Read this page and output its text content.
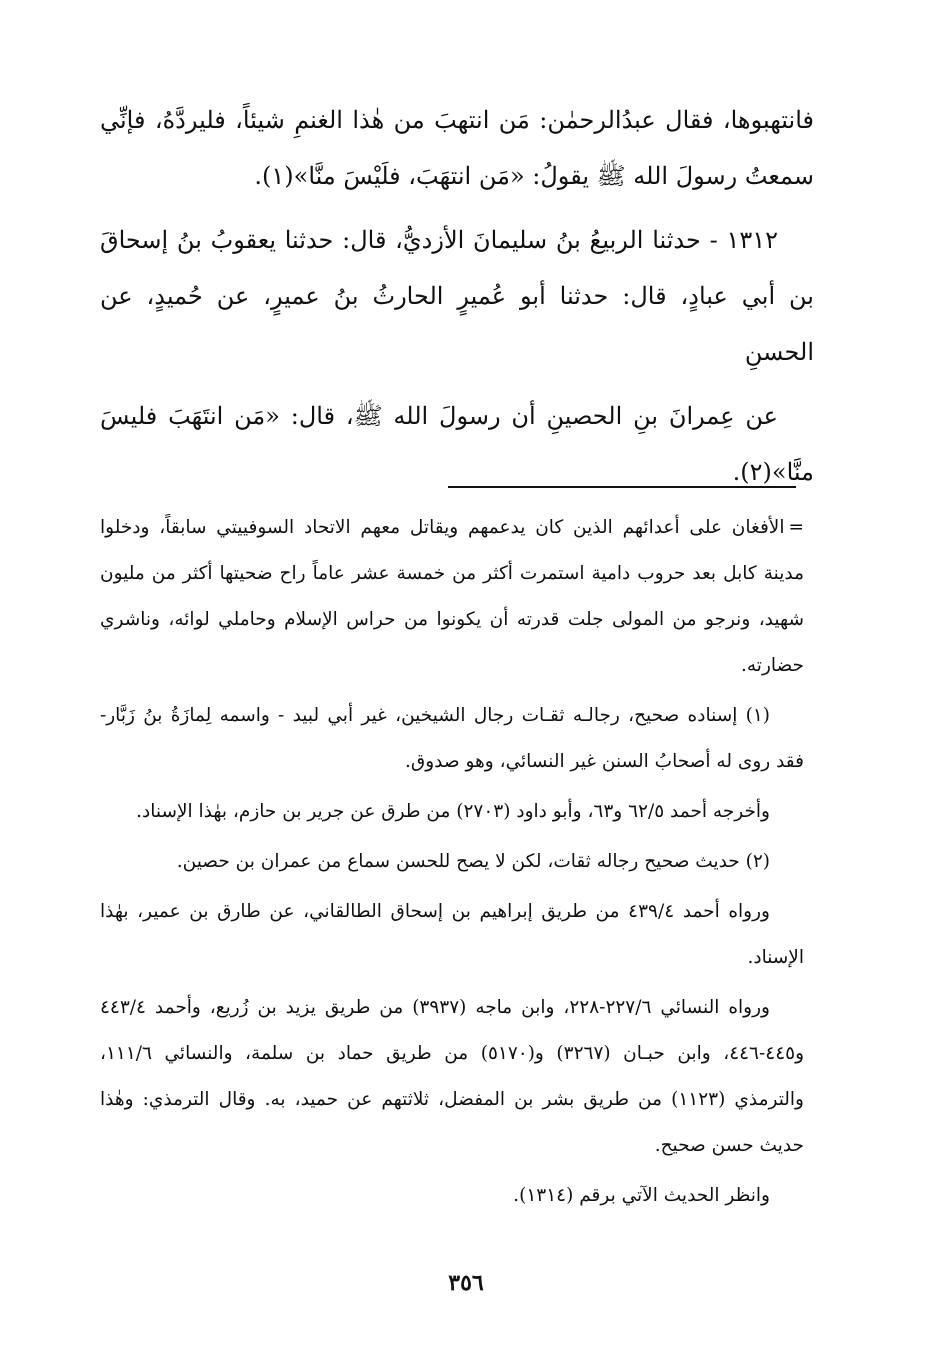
فانتهبوها، فقال عبدُالرحمٰن: مَن انتهبَ من هٰذا الغنمِ شيئاً، فليردَّهُ، فإنِّي سمعتُ رسولَ الله ﷺ يقولُ: «مَن انتهَبَ، فلَيْسَ منَّا»(١).

١٣١٢ - حدثنا الربيعُ بنُ سليمانَ الأزديُّ، قال: حدثنا يعقوبُ بنُ إسحاقَ بن أبي عبادٍ، قال: حدثنا أبو عُميرٍ الحارثُ بنُ عميرٍ، عن حُميدٍ، عن الحسنِ

عن عِمرانَ بنِ الحصينِ أن رسولَ الله ﷺ، قال: «مَن انتَهَبَ فليسَ منَّا»(٢).

=الأفغان على أعدائهم الذين كان يدعمهم ويقاتل معهم الاتحاد السوفييتي سابقاً، ودخلوا مدينة كابل بعد حروب دامية استمرت أكثر من خمسة عشر عاماً راح ضحيتها أكثر من مليون شهيد، ونرجو من المولى جلت قدرته أن يكونوا من حراس الإسلام وحاملي لوائه، وناشري حضارته.

(١) إسناده صحيح، رجالـه ثقـات رجال الشيخين، غير أبي لبيد - واسمه لِمازَةُ بنُ زَبَّار- فقد روى له أصحابُ السنن غير النسائي، وهو صدوق.

وأخرجه أحمد ٦٢/٥ و٦٣، وأبو داود (٢٧٠٣) من طرق عن جرير بن حازم، بهٰذا الإسناد.

(٢) حديث صحيح رجاله ثقات، لكن لا يصح للحسن سماع من عمران بن حصين.

ورواه أحمد ٤٣٩/٤ من طريق إبراهيم بن إسحاق الطالقاني، عن طارق بن عمير، بهٰذا الإسناد.

ورواه النسائي ٢٢٧/٦-٢٢٨، وابن ماجه (٣٩٣٧) من طريق يزيد بن زُريع، وأحمد ٤٤٣/٤ و٤٤٥-٤٤٦، وابن حبـان (٣٢٦٧) و(٥١٧٠) من طريق حماد بن سلمة، والنسائي ١١١/٦، والترمذي (١١٢٣) من طريق بشر بن المفضل، ثلاثتهم عن حميد، به. وقال الترمذي: وهٰذا حديث حسن صحيح.

وانظر الحديث الآتي برقم (١٣١٤).

٣٥٦
